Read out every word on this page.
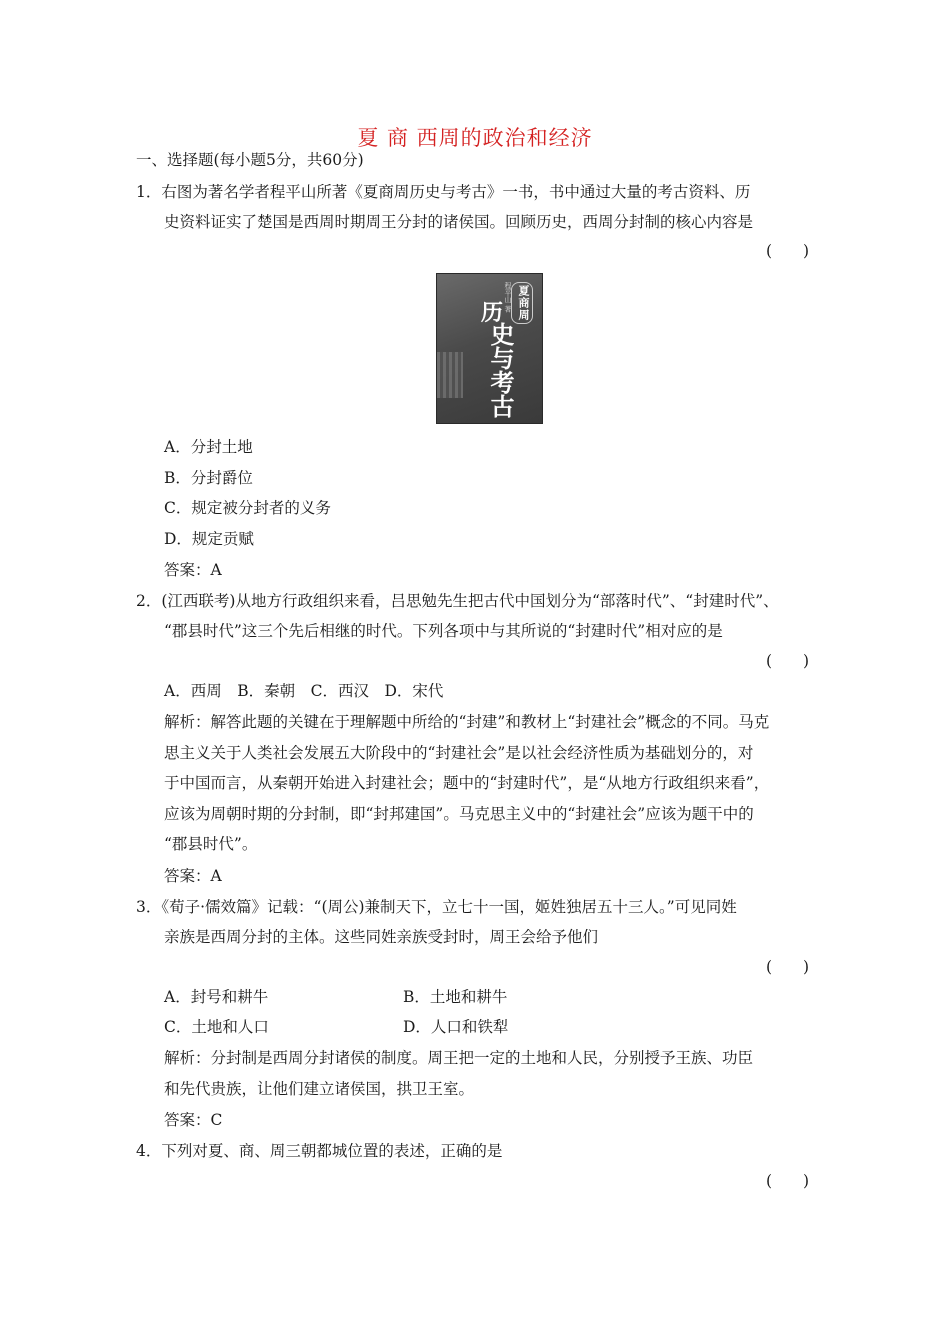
夏 商 西周的政治和经济
一、选择题(每小题5分，共60分)
1．右图为著名学者程平山所著《夏商周历史与考古》一书，书中通过大量的考古资料、历
史资料证实了楚国是西周时期周王分封的诸侯国。回顾历史，西周分封制的核心内容是
(　　)
程平山 著 夏商周
历
史与考古
A．分封土地
B．分封爵位
C．规定被分封者的义务
D．规定贡赋
答案：A
2．(江西联考)从地方行政组织来看，吕思勉先生把古代中国划分为“部落时代”、“封建时代”、
“郡县时代”这三个先后相继的时代。下列各项中与其所说的“封建时代”相对应的是
(　　)
A．西周　B．秦朝　C．西汉　D．宋代
解析：解答此题的关键在于理解题中所给的“封建”和教材上“封建社会”概念的不同。马克
思主义关于人类社会发展五大阶段中的“封建社会”是以社会经济性质为基础划分的，对
于中国而言，从秦朝开始进入封建社会；题中的“封建时代”，是“从地方行政组织来看”，
应该为周朝时期的分封制，即“封邦建国”。马克思主义中的“封建社会”应该为题干中的
“郡县时代”。
答案：A
3．《荀子·儒效篇》记载：“(周公)兼制天下，立七十一国，姬姓独居五十三人。”可见同姓
亲族是西周分封的主体。这些同姓亲族受封时，周王会给予他们
(　　)
A．封号和耕牛	B．土地和耕牛
C．土地和人口	D．人口和铁犁
解析：分封制是西周分封诸侯的制度。周王把一定的土地和人民，分别授予王族、功臣
和先代贵族，让他们建立诸侯国，拱卫王室。
答案：C
4．下列对夏、商、周三朝都城位置的表述，正确的是
(　　)
